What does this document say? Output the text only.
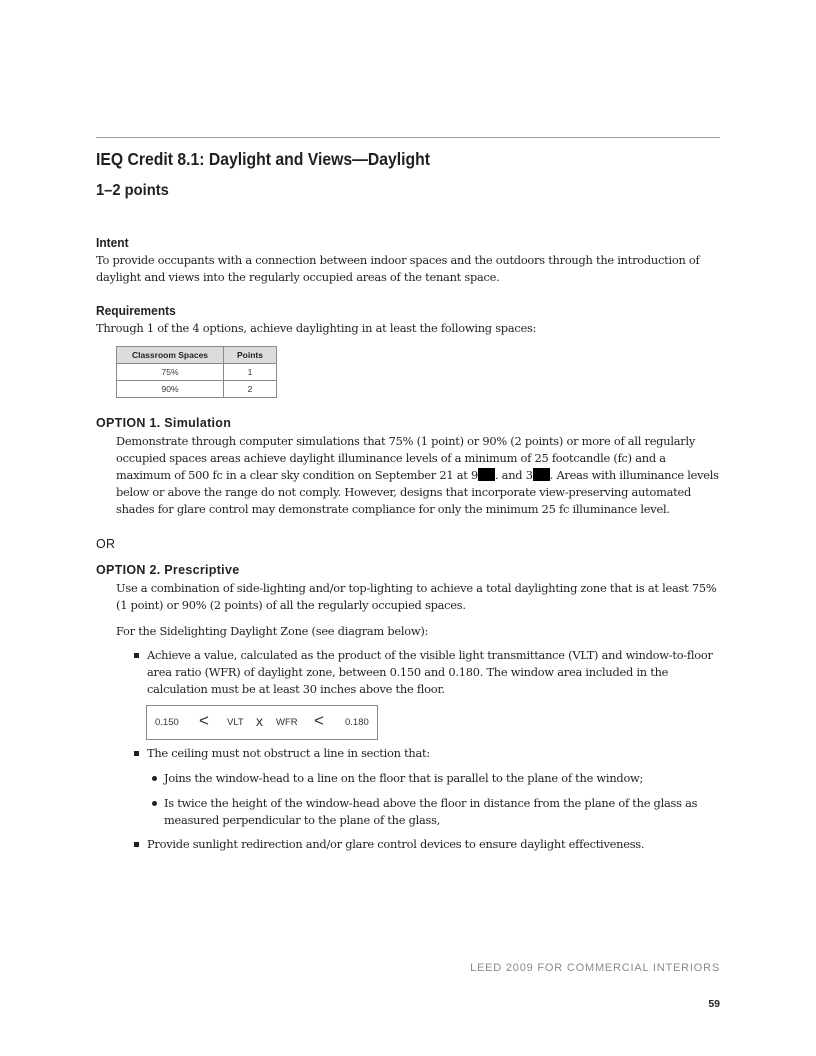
IEQ Credit 8.1: Daylight and Views—Daylight
1–2 points
Intent

To provide occupants with a connection between indoor spaces and the outdoors through the introduction of daylight and views into the regularly occupied areas of the tenant space.

Requirements

Through 1 of the 4 options, achieve daylighting in at least the following spaces:

Classroom Spaces	Points
75%	1
90%	2
OPTION 1. Simulation

Demonstrate through computer simulations that 75% (1 point) or 90% (2 points) or more of all regularly occupied spaces areas achieve daylight illuminance levels of a minimum of 25 footcandle (fc) and a maximum of 500 fc in a clear sky condition on September 21 at 9 . and 3 . Areas with illuminance levels below or above the range do not comply. However, designs that incorporate view-preserving automated shades for glare control may demonstrate compliance for only the minimum 25 fc illuminance level.

OR

OPTION 2. Prescriptive

Use a combination of side-lighting and/or top-lighting to achieve a total daylighting zone that is at least 75% (1 point) or 90% (2 points) of all the regularly occupied spaces.

For the Sidelighting Daylight Zone (see diagram below):

Achieve a value, calculated as the product of the visible light transmittance (VLT) and window-to-floor area ratio (WFR) of daylight zone, between 0.150 and 0.180. The window area included in the calculation must be at least 30 inches above the floor.
0.150 < VLT x WFR < 0.180
The ceiling must not obstruct a line in section that:
Joins the window-head to a line on the floor that is parallel to the plane of the window;
Is twice the height of the window-head above the floor in distance from the plane of the glass as measured perpendicular to the plane of the glass,
Provide sunlight redirection and/or glare control devices to ensure daylight effectiveness.

LEED 2009 FOR COMMERCIAL INTERIORS

59
